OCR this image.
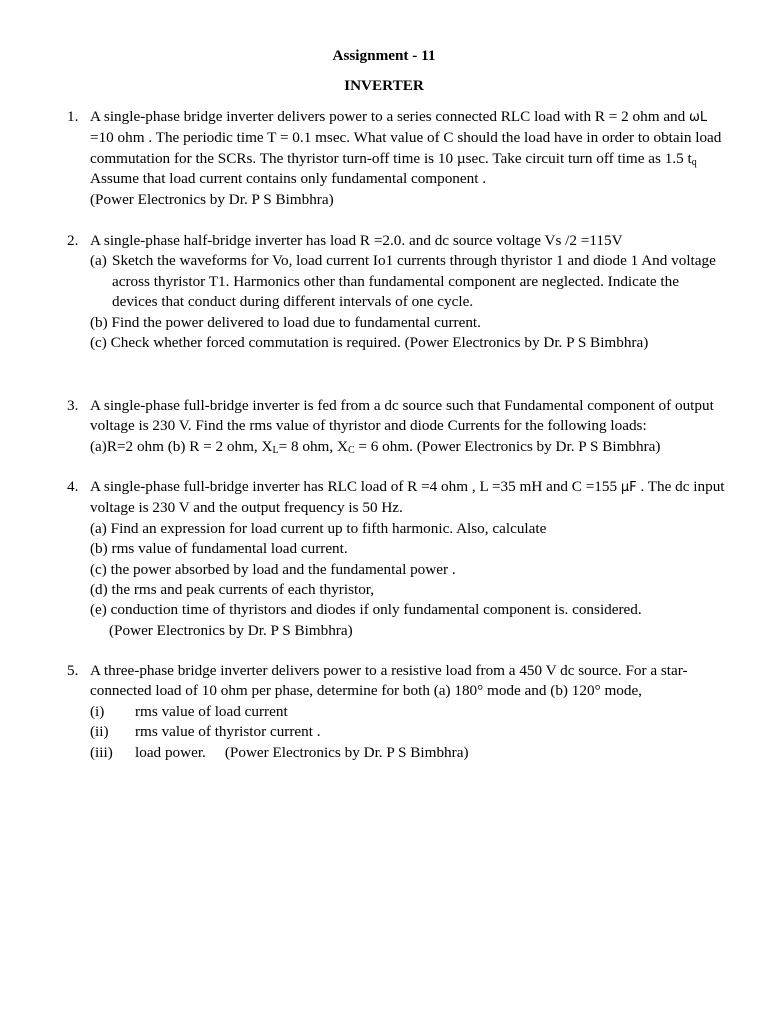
Assignment - 11
INVERTER
1. A single-phase bridge inverter delivers power to a series connected RLC load with R = 2 ohm and ωL =10 ohm . The periodic time T = 0.1 msec. What value of C should the load have in order to obtain load commutation for the SCRs. The thyristor turn-off time is 10 µsec. Take circuit turn off time as 1.5 $t_q$
Assume that load current contains only fundamental component .
(Power Electronics by Dr. P S Bimbhra)
2. A single-phase half-bridge inverter has load R =2.0. and dc source voltage Vs /2 =115V
(a) Sketch the waveforms for Vo, load current Io1 currents through thyristor 1 and diode 1 And voltage across thyristor T1. Harmonics other than fundamental component are neglected. Indicate the devices that conduct during different intervals of one cycle.
(b) Find the power delivered to load due to fundamental current.
(c) Check whether forced commutation is required. (Power Electronics by Dr. P S Bimbhra)
3. A single-phase full-bridge inverter is fed from a dc source such that Fundamental component of output voltage is 230 V. Find the rms value of thyristor and diode Currents for the following loads:
(a)R=2 ohm (b) R = 2 ohm, $X_L= 8$ ohm, $X_C = 6$ ohm. (Power Electronics by Dr. P S Bimbhra)
4. A single-phase full-bridge inverter has RLC load of R =4 ohm , L =35 mH and C =155 µF . The dc input voltage is 230 V and the output frequency is 50 Hz.
(a) Find an expression for load current up to fifth harmonic. Also, calculate
(b) rms value of fundamental load current.
(c) the power absorbed by load and the fundamental power .
(d) the rms and peak currents of each thyristor,
(e) conduction time of thyristors and diodes if only fundamental component is. considered.
(Power Electronics by Dr. P S Bimbhra)
5. A three-phase bridge inverter delivers power to a resistive load from a 450 V dc source. For a star-connected load of 10 ohm per phase, determine for both (a) 180° mode and (b) 120° mode,
(i) rms value of load current
(ii) rms value of thyristor current .
(iii) load power.     (Power Electronics by Dr. P S Bimbhra)
